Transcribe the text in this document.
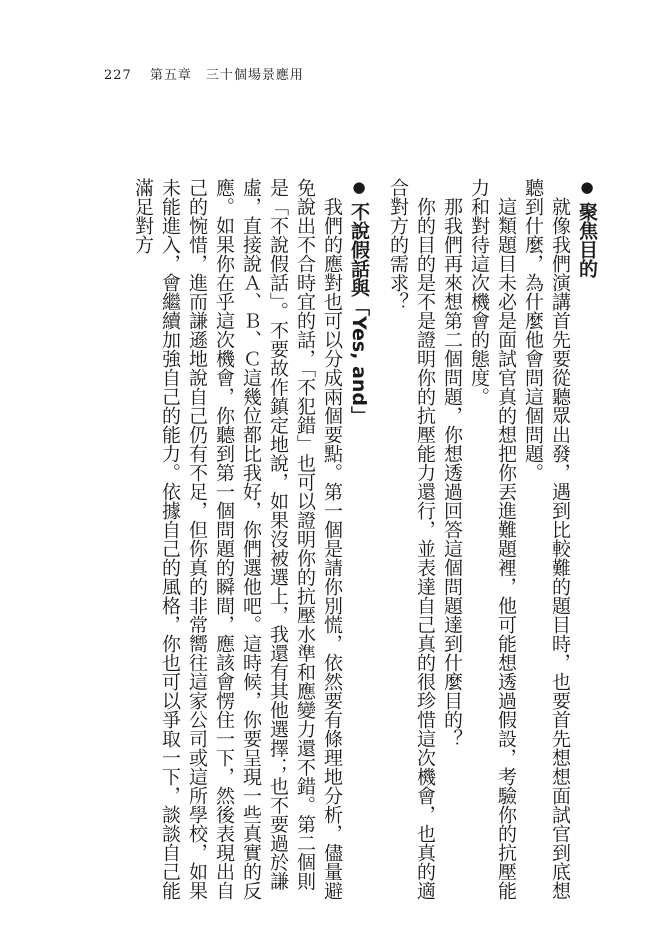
227 第五章　三十個場景應用
●聚焦目的

就像我們演講首先要從聽眾出發，遇到比較難的題目時，也要首先想想面試官到底想聽到什麼，為什麼他會問這個問題。

這類題目未必是面試官真的想把你丟進難題裡，他可能想透過假設，考驗你的抗壓能力和對待這次機會的態度。

那我們再來想第二個問題，你想透過回答這個問題達到什麼目的？

你的目的是不是證明你的抗壓能力還行，並表達自己真的很珍惜這次機會，也真的適合對方的需求？

●不說假話與「Yes, and」

我們的應對也可以分成兩個要點。第一個是請你別慌，依然要有條理地分析，儘量避免說出不合時宜的話，「不犯錯」也可以證明你的抗壓水準和應變力還不錯。第二個則是「不說假話」。不要故作鎮定地說，如果沒被選上，我還有其他選擇；也不要過於謙虛，直接說Ａ、Ｂ、Ｃ這幾位都比我好，你們選他吧。這時候，你要呈現一些真實的反應。如果你在乎這次機會，你聽到第一個問題的瞬間，應該會愣住一下，然後表現出自己的惋惜，進而謙遜地說自己仍有不足，但你真的非常嚮往這家公司或這所學校，如果未能進入，會繼續加強自己的能力。依據自己的風格，你也可以爭取一下，談談自己能滿足對方
